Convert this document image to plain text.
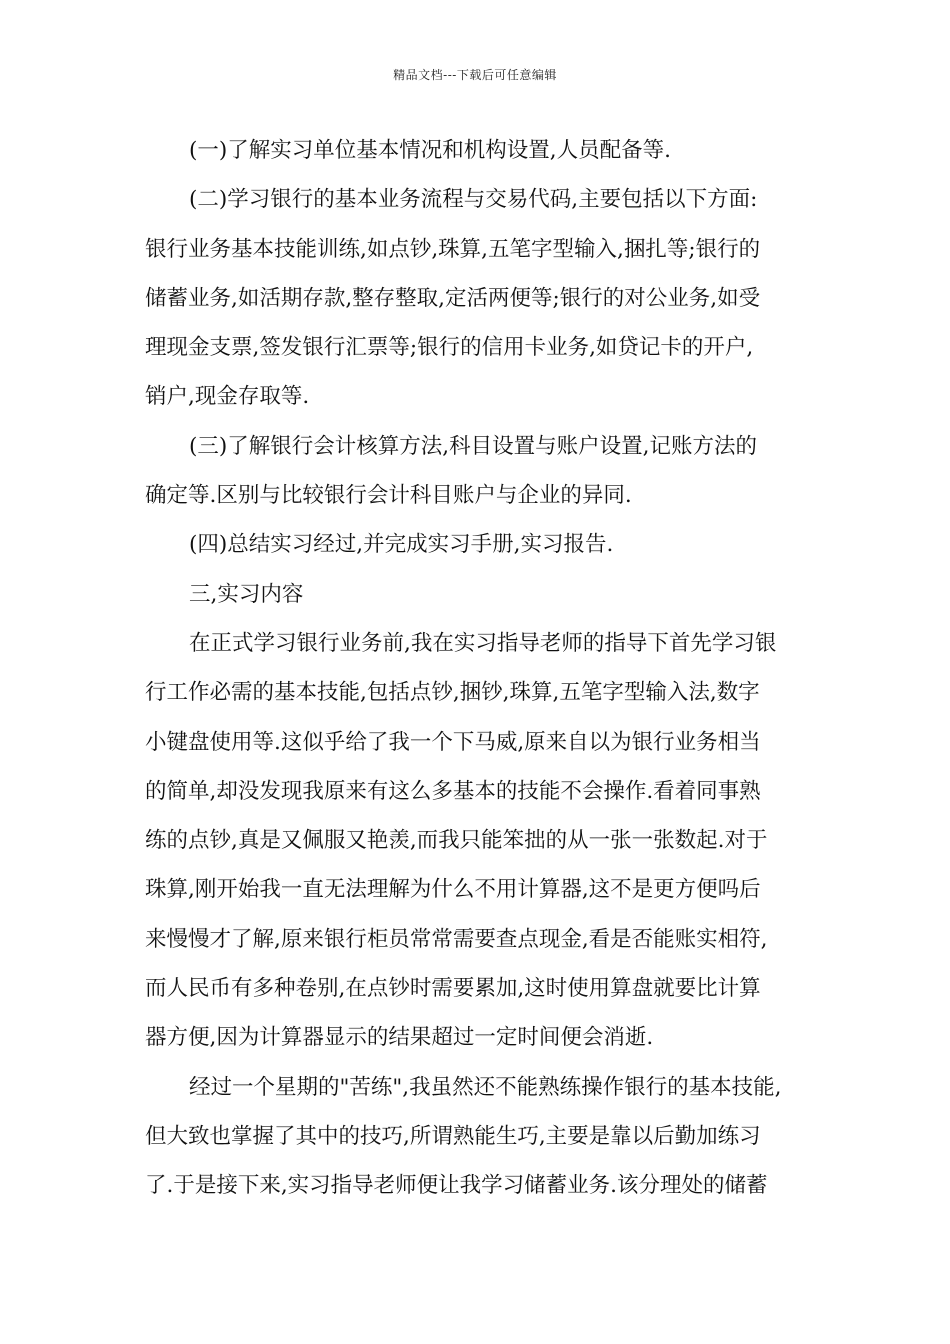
精品文档---下载后可任意编辑
(一)了解实习单位基本情况和机构设置,人员配备等.
(二)学习银行的基本业务流程与交易代码,主要包括以下方面:
银行业务基本技能训练,如点钞,珠算,五笔字型输入,捆扎等;银行的
储蓄业务,如活期存款,整存整取,定活两便等;银行的对公业务,如受
理现金支票,签发银行汇票等;银行的信用卡业务,如贷记卡的开户,
销户,现金存取等.
(三)了解银行会计核算方法,科目设置与账户设置,记账方法的
确定等.区别与比较银行会计科目账户与企业的异同.
(四)总结实习经过,并完成实习手册,实习报告.
三,实习内容
在正式学习银行业务前,我在实习指导老师的指导下首先学习银
行工作必需的基本技能,包括点钞,捆钞,珠算,五笔字型输入法,数字
小键盘使用等.这似乎给了我一个下马威,原来自以为银行业务相当
的简单,却没发现我原来有这么多基本的技能不会操作.看着同事熟
练的点钞,真是又佩服又艳羡,而我只能笨拙的从一张一张数起.对于
珠算,刚开始我一直无法理解为什么不用计算器,这不是更方便吗后
来慢慢才了解,原来银行柜员常常需要查点现金,看是否能账实相符,
而人民币有多种卷别,在点钞时需要累加,这时使用算盘就要比计算
器方便,因为计算器显示的结果超过一定时间便会消逝.
经过一个星期的"苦练",我虽然还不能熟练操作银行的基本技能,
但大致也掌握了其中的技巧,所谓熟能生巧,主要是靠以后勤加练习
了.于是接下来,实习指导老师便让我学习储蓄业务.该分理处的储蓄
